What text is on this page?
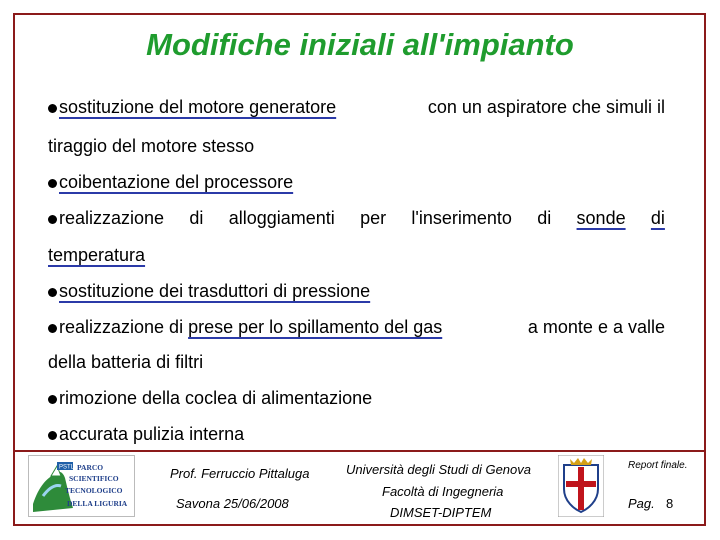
Modifiche iniziali all'impianto
sostituzione del motore generatore	con un aspiratore che simuli il
tiraggio del motore stesso
coibentazione del processore
realizzazione di alloggiamenti per l'inserimento di sonde di
temperatura
sostituzione dei trasduttori di pressione
realizzazione di prese per lo spillamento del gas	a monte e a valle
della batteria di filtri
rimozione della coclea di alimentazione
accurata pulizia interna
PSTL PARCO
SCIENTIFICO
TECNOLOGICO
DELLA LIGURIA
Prof. Ferruccio Pittaluga
Savona 25/06/2008
Università degli Studi di Genova
Facoltà di Ingegneria
DIMSET-DIPTEM
Report finale.
Pag. 8
